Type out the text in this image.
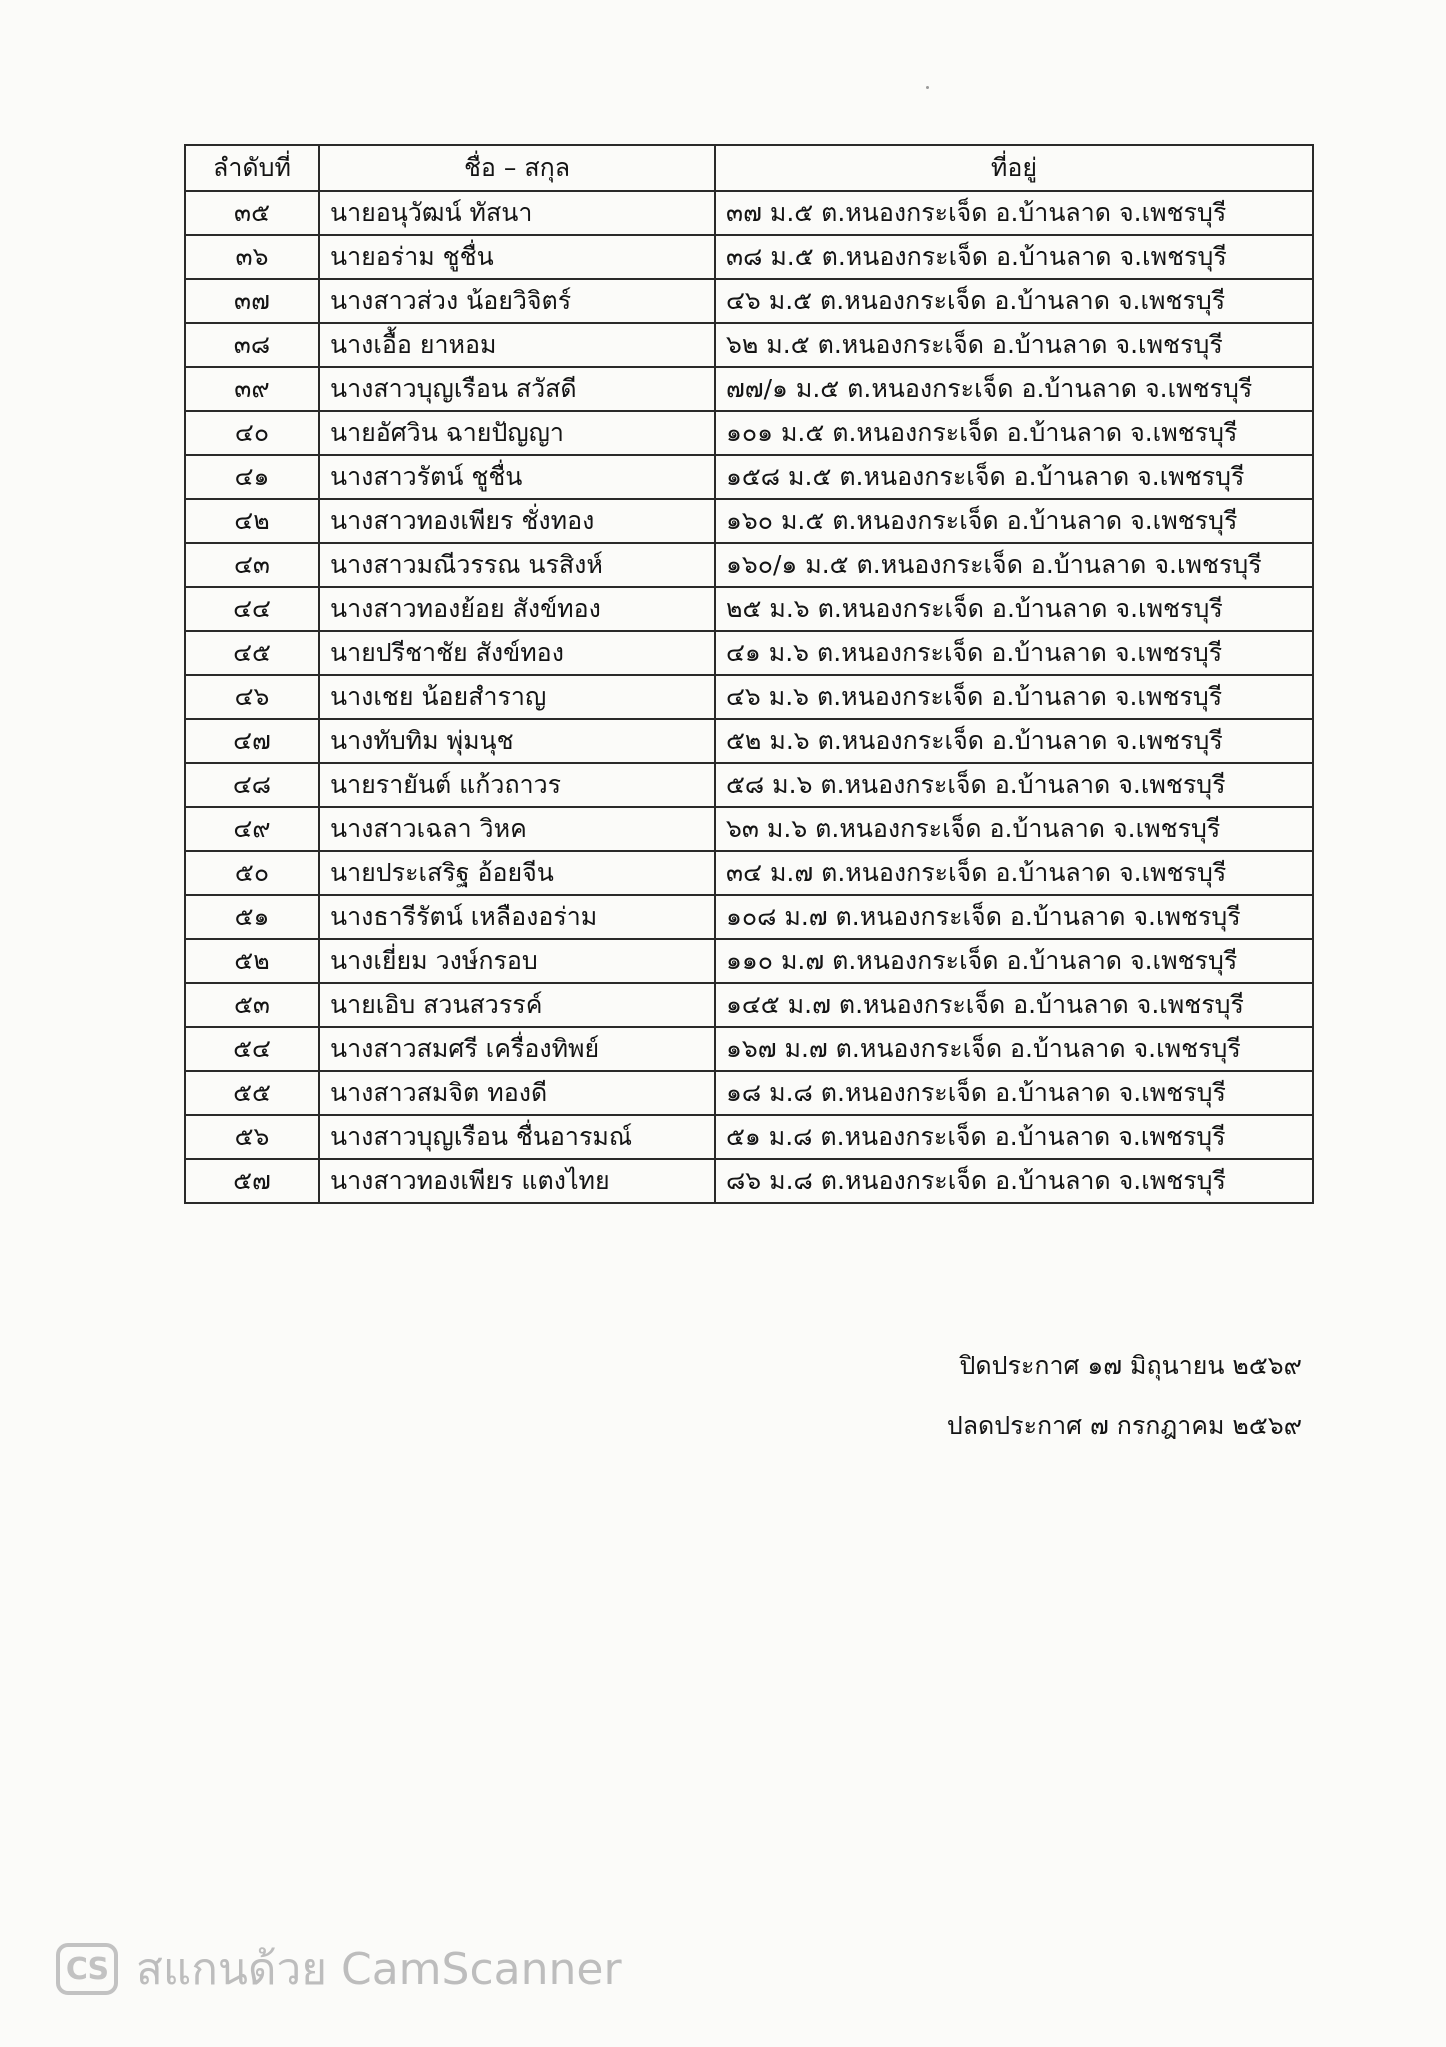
ลำดับที่	ชื่อ – สกุล	ที่อยู่
๓๕	นายอนุวัฒน์ ทัสนา	๓๗ ม.๕ ต.หนองกระเจ็ด อ.บ้านลาด จ.เพชรบุรี
๓๖	นายอร่าม ชูชื่น	๓๘ ม.๕ ต.หนองกระเจ็ด อ.บ้านลาด จ.เพชรบุรี
๓๗	นางสาวส่วง น้อยวิจิตร์	๔๖ ม.๕ ต.หนองกระเจ็ด อ.บ้านลาด จ.เพชรบุรี
๓๘	นางเอื้อ ยาหอม	๖๒ ม.๕ ต.หนองกระเจ็ด อ.บ้านลาด จ.เพชรบุรี
๓๙	นางสาวบุญเรือน สวัสดี	๗๗/๑ ม.๕ ต.หนองกระเจ็ด อ.บ้านลาด จ.เพชรบุรี
๔๐	นายอัศวิน ฉายปัญญา	๑๐๑ ม.๕ ต.หนองกระเจ็ด อ.บ้านลาด จ.เพชรบุรี
๔๑	นางสาวรัตน์ ชูชื่น	๑๕๘ ม.๕ ต.หนองกระเจ็ด อ.บ้านลาด จ.เพชรบุรี
๔๒	นางสาวทองเพียร ชั่งทอง	๑๖๐ ม.๕ ต.หนองกระเจ็ด อ.บ้านลาด จ.เพชรบุรี
๔๓	นางสาวมณีวรรณ นรสิงห์	๑๖๐/๑ ม.๕ ต.หนองกระเจ็ด อ.บ้านลาด จ.เพชรบุรี
๔๔	นางสาวทองย้อย สังข์ทอง	๒๕ ม.๖ ต.หนองกระเจ็ด อ.บ้านลาด จ.เพชรบุรี
๔๕	นายปรีชาชัย สังข์ทอง	๔๑ ม.๖ ต.หนองกระเจ็ด อ.บ้านลาด จ.เพชรบุรี
๔๖	นางเชย น้อยสำราญ	๔๖ ม.๖ ต.หนองกระเจ็ด อ.บ้านลาด จ.เพชรบุรี
๔๗	นางทับทิม พุ่มนุช	๕๒ ม.๖ ต.หนองกระเจ็ด อ.บ้านลาด จ.เพชรบุรี
๔๘	นายรายันต์ แก้วถาวร	๕๘ ม.๖ ต.หนองกระเจ็ด อ.บ้านลาด จ.เพชรบุรี
๔๙	นางสาวเฉลา วิหค	๖๓ ม.๖ ต.หนองกระเจ็ด อ.บ้านลาด จ.เพชรบุรี
๕๐	นายประเสริฐ อ้อยจีน	๓๔ ม.๗ ต.หนองกระเจ็ด อ.บ้านลาด จ.เพชรบุรี
๕๑	นางธารีรัตน์ เหลืองอร่าม	๑๐๘ ม.๗ ต.หนองกระเจ็ด อ.บ้านลาด จ.เพชรบุรี
๕๒	นางเยี่ยม วงษ์กรอบ	๑๑๐ ม.๗ ต.หนองกระเจ็ด อ.บ้านลาด จ.เพชรบุรี
๕๓	นายเอิบ สวนสวรรค์	๑๔๕ ม.๗ ต.หนองกระเจ็ด อ.บ้านลาด จ.เพชรบุรี
๕๔	นางสาวสมศรี เครื่องทิพย์	๑๖๗ ม.๗ ต.หนองกระเจ็ด อ.บ้านลาด จ.เพชรบุรี
๕๕	นางสาวสมจิต ทองดี	๑๘ ม.๘ ต.หนองกระเจ็ด อ.บ้านลาด จ.เพชรบุรี
๕๖	นางสาวบุญเรือน ชื่นอารมณ์	๕๑ ม.๘ ต.หนองกระเจ็ด อ.บ้านลาด จ.เพชรบุรี
๕๗	นางสาวทองเพียร แตงไทย	๘๖ ม.๘ ต.หนองกระเจ็ด อ.บ้านลาด จ.เพชรบุรี
ปิดประกาศ ๑๗ มิถุนายน ๒๕๖๙
ปลดประกาศ ๗ กรกฎาคม ๒๕๖๙
CS สแกนด้วย CamScanner
